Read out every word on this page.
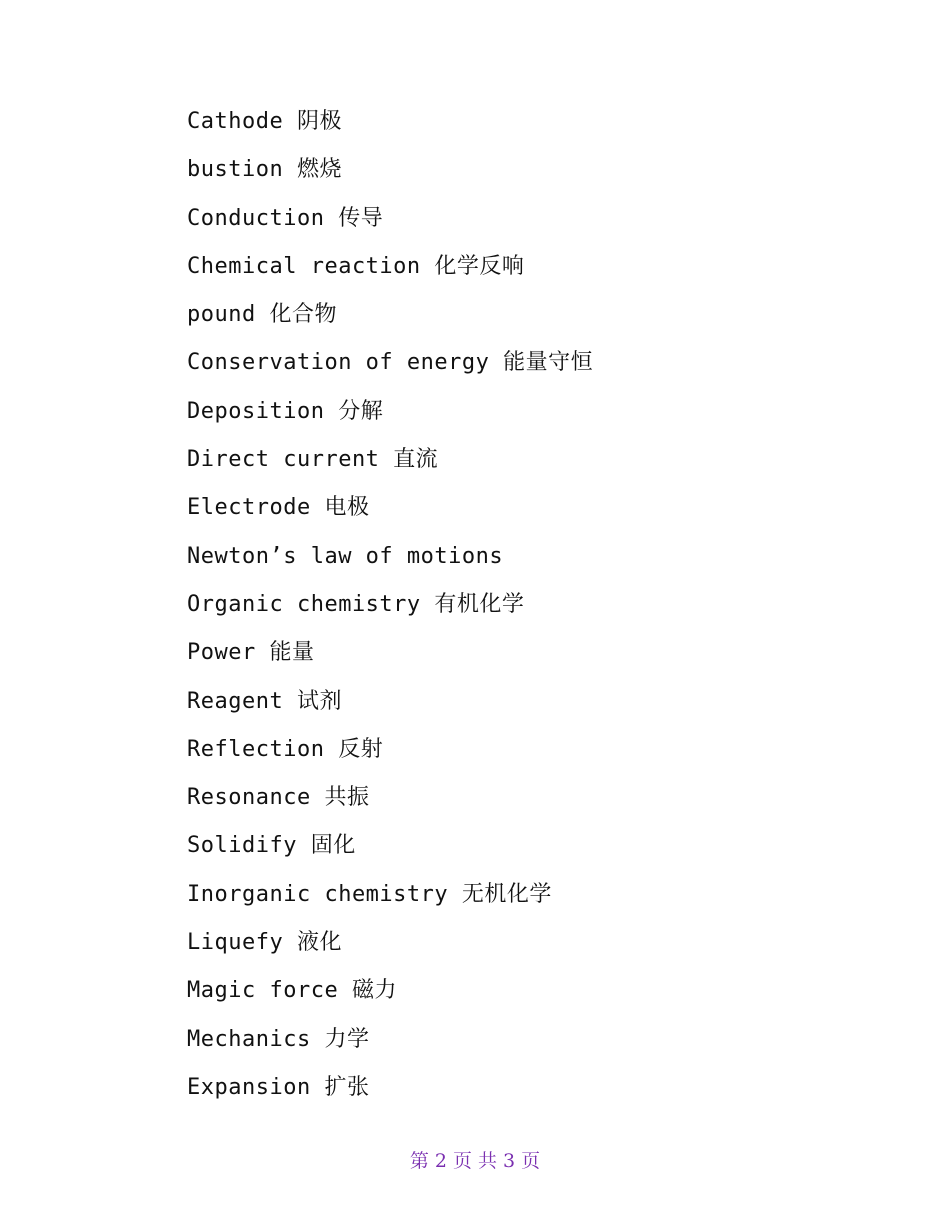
Cathode 阴极
bustion 燃烧
Conduction 传导
Chemical reaction 化学反响
pound 化合物
Conservation of energy 能量守恒
Deposition 分解
Direct current 直流
Electrode 电极
Newton’s law of motions
Organic chemistry 有机化学
Power 能量
Reagent 试剂
Reflection 反射
Resonance 共振
Solidify 固化
Inorganic chemistry 无机化学
Liquefy 液化
Magic force 磁力
Mechanics 力学
Expansion 扩张
第 2 页 共 3 页
